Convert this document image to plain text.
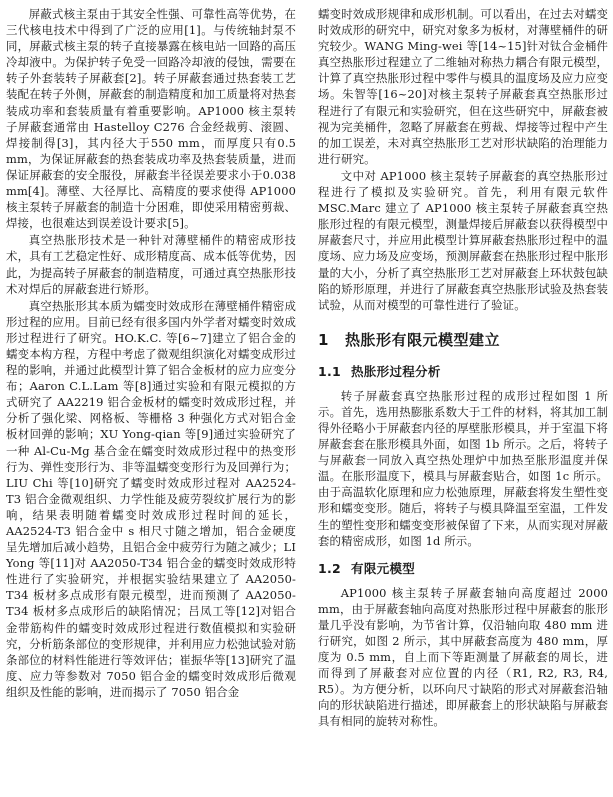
屏蔽式核主泵由于其安全性强、可靠性高等优势，在三代核电技术中得到了广泛的应用[1]。与传统轴封泵不同，屏蔽式核主泵的转子直接暴露在核电站一回路的高压冷却液中。为保护转子免受一回路冷却液的侵蚀，需要在转子外套装转子屏蔽套[2]。转子屏蔽套通过热套装工艺装配在转子外侧，屏蔽套的制造精度和加工质量将对热套装成功率和套装质量有着重要影响。AP1000 核主泵转子屏蔽套通常由 Hastelloy C276 合金经裁剪、滚圆、焊接制得[3]，其内径大于550 mm，而厚度只有0.5 mm，为保证屏蔽套的热套装成功率及热套装质量，进而保证屏蔽套的安全服役，屏蔽套半径误差要求小于0.038 mm[4]。薄壁、大径厚比、高精度的要求使得 AP1000 核主泵转子屏蔽套的制造十分困难，即使采用精密剪裁、焊接，也很难达到误差设计要求[5]。

真空热胀形技术是一种针对薄壁桶件的精密成形技术，具有工艺稳定性好、成形精度高、成本低等优势，因此，为提高转子屏蔽套的制造精度，可通过真空热胀形技术对焊后的屏蔽套进行矫形。

真空热胀形其本质为蠕变时效成形在薄壁桶件精密成形过程的应用。目前已经有很多国内外学者对蠕变时效成形过程进行了研究。HO.K.C. 等[6~7]建立了铝合金的蠕变本构方程，方程中考虑了微观组织演化对蠕变成形过程的影响，并通过此模型计算了铝合金板材的应力应变分布；Aaron C.L.Lam 等[8]通过实验和有限元模拟的方式研究了 AA2219 铝合金板材的蠕变时效成形过程，并分析了强化梁、网格板、等栅格 3 种强化方式对铝合金板材回弹的影响；XU Yong-qian 等[9]通过实验研究了一种 Al-Cu-Mg 基合金在蠕变时效成形过程中的热变形行为、弹性变形行为、非等温蠕变变形行为及回弹行为；LIU Chi 等[10]研究了蠕变时效成形过程对 AA2524-T3 铝合金微观组织、力学性能及疲劳裂纹扩展行为的影响，结果表明随着蠕变时效成形过程时间的延长，AA2524-T3 铝合金中 s 相尺寸随之增加，铝合金硬度呈先增加后减小趋势，且铝合金中疲劳行为随之减少；LI Yong 等[11]对 AA2050-T34 铝合金的蠕变时效成形特性进行了实验研究，并根据实验结果建立了 AA2050-T34 板材多点成形有限元模型，进而预测了 AA2050-T34 板材多点成形后的缺陷情况；吕凤工等[12]对铝合金带筋构件的蠕变时效成形过程进行数值模拟和实验研究，分析筋条部位的变形规律，并利用应力松弛试验对筋条部位的材料性能进行等效评估；崔振华等[13]研究了温度、应力等参数对 7050 铝合金的蠕变时效成形后微观组织及性能的影响，进而揭示了 7050 铝合金

蠕变时效成形规律和成形机制。可以看出，在过去对蠕变时效成形的研究中，研究对象多为板材，对薄壁桶件的研究较少。WANG Ming-wei 等[14~15]针对钛合金桶件真空热胀形过程建立了二维轴对称热力耦合有限元模型，计算了真空热胀形过程中零件与模具的温度场及应力应变场。朱智等[16~20]对核主泵转子屏蔽套真空热胀形过程进行了有限元和实验研究，但在这些研究中，屏蔽套被视为完美桶件，忽略了屏蔽套在剪裁、焊接等过程中产生的加工误差，未对真空热胀形工艺对形状缺陷的治理能力进行研究。

文中对 AP1000 核主泵转子屏蔽套的真空热胀形过程进行了模拟及实验研究。首先，利用有限元软件 MSC.Marc 建立了 AP1000 核主泵转子屏蔽套真空热胀形过程的有限元模型，测量焊接后屏蔽套以获得模型中屏蔽套尺寸，并应用此模型计算屏蔽套热胀形过程中的温度场、应力场及应变场，预测屏蔽套在热胀形过程中胀形量的大小，分析了真空热胀形工艺对屏蔽套上环状鼓包缺陷的矫形原理，并进行了屏蔽套真空热胀形试验及热套装试验，从而对模型的可靠性进行了验证。

1 热胀形有限元模型建立
1.1 热胀形过程分析

转子屏蔽套真空热胀形过程的成形过程如图 1 所示。首先，选用热膨胀系数大于工件的材料，将其加工制得外径略小于屏蔽套内径的厚壁胀形模具，并于室温下将屏蔽套套在胀形模具外面，如图 1b 所示。之后，将转子与屏蔽套一同放入真空热处理炉中加热至胀形温度并保温。在胀形温度下，模具与屏蔽套贴合，如图 1c 所示。由于高温软化原理和应力松弛原理，屏蔽套将发生塑性变形和蠕变变形。随后，将转子与模具降温至室温，工件发生的塑性变形和蠕变变形被保留了下来，从而实现对屏蔽套的精密成形，如图 1d 所示。

1.2 有限元模型

AP1000 核主泵转子屏蔽套轴向高度超过 2000 mm，由于屏蔽套轴向高度对热胀形过程中屏蔽套的胀形量几乎没有影响，为节省计算，仅沿轴向取 480 mm 进行研究，如图 2 所示，其中屏蔽套高度为 480 mm，厚度为 0.5 mm，自上而下等距测量了屏蔽套的周长，进而得到了屏蔽套对应位置的内径（R1, R2, R3, R4, R5）。为方便分析，以环向尺寸缺陷的形式对屏蔽套沿轴向的形状缺陷进行描述，即屏蔽套上的形状缺陷与屏蔽套具有相同的旋转对称性。
